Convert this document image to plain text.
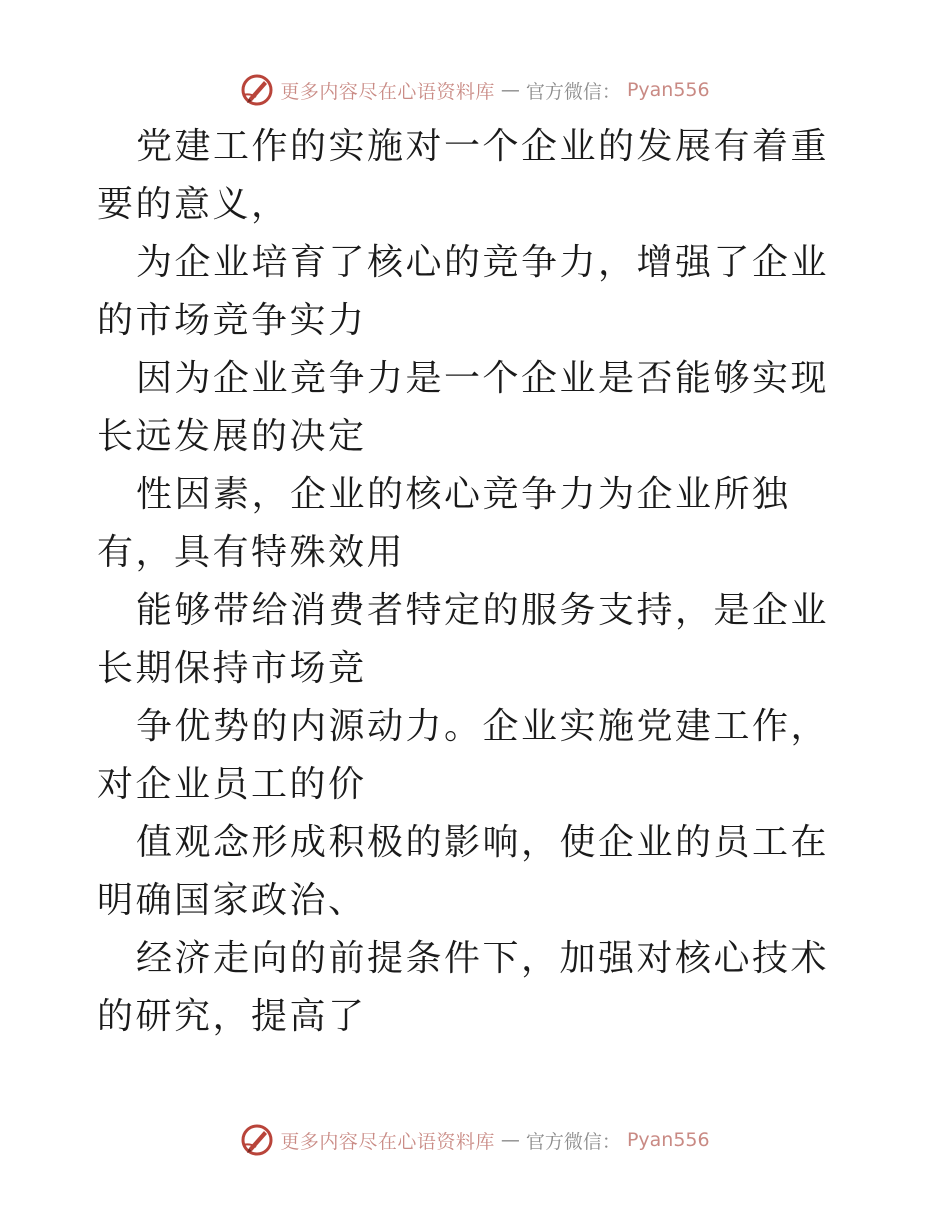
更多内容尽在心语资料库 — 官方微信： Pyan556

党建工作的实施对一个企业的发展有着重要的意义，

为企业培育了核心的竞争力，增强了企业的市场竞争实力

因为企业竞争力是一个企业是否能够实现长远发展的决定

性因素，企业的核心竞争力为企业所独有，具有特殊效用

能够带给消费者特定的服务支持，是企业长期保持市场竞

争优势的内源动力。企业实施党建工作，对企业员工的价

值观念形成积极的影响，使企业的员工在明确国家政治、

经济走向的前提条件下，加强对核心技术的研究，提高了

更多内容尽在心语资料库 — 官方微信： Pyan556
